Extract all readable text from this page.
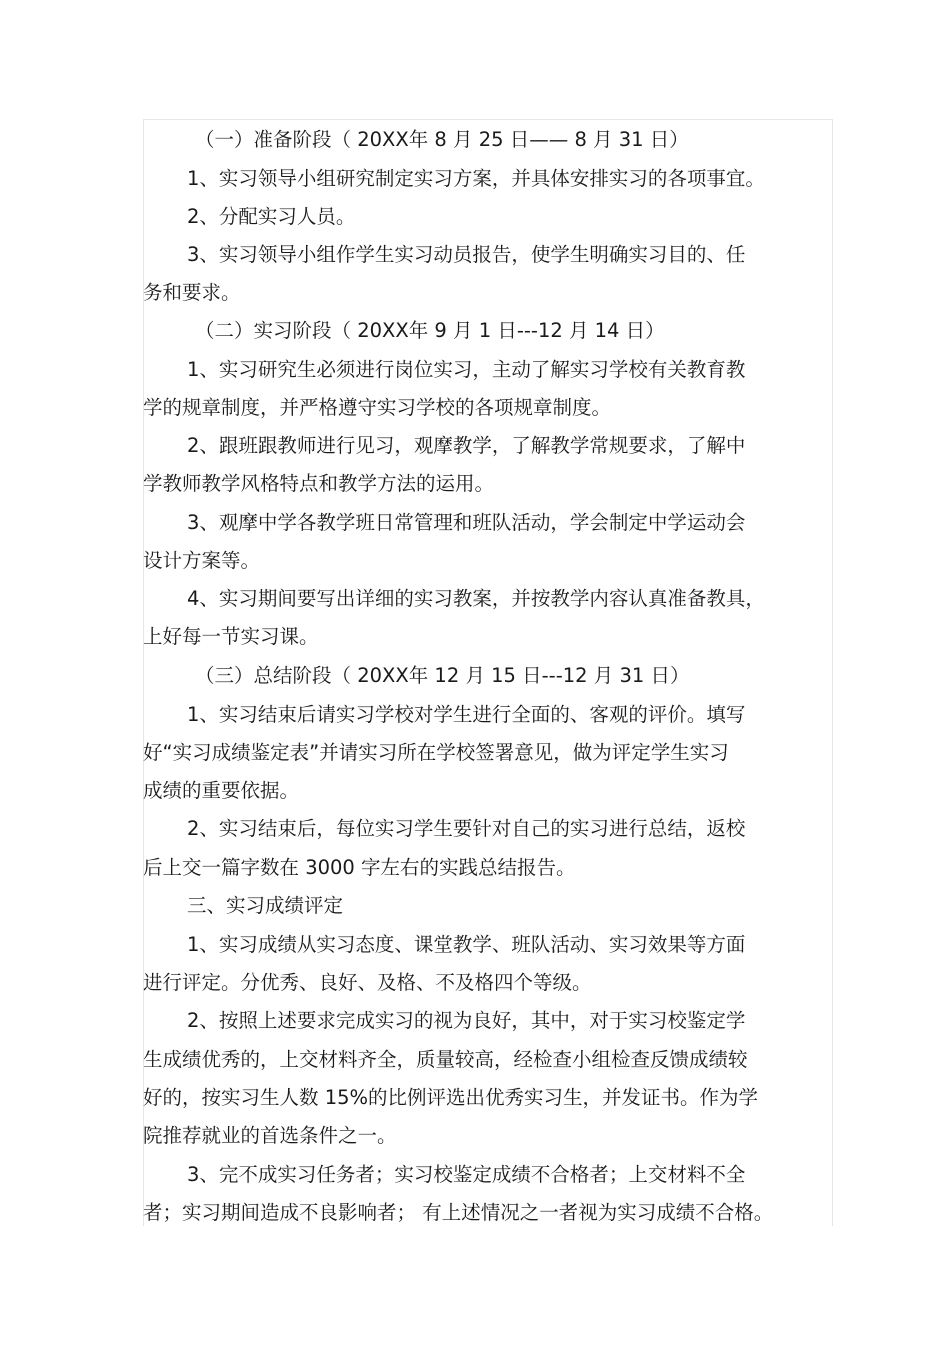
（一）准备阶段（ 20XX年 8 月 25 日—— 8 月 31 日）
1、实习领导小组研究制定实习方案，并具体安排实习的各项事宜。
2、分配实习人员。
3、实习领导小组作学生实习动员报告，使学生明确实习目的、任
务和要求。
（二）实习阶段（ 20XX年 9 月 1 日---12 月 14 日）
1、实习研究生必须进行岗位实习，主动了解实习学校有关教育教
学的规章制度，并严格遵守实习学校的各项规章制度。
2、跟班跟教师进行见习，观摩教学，了解教学常规要求，了解中
学教师教学风格特点和教学方法的运用。
3、观摩中学各教学班日常管理和班队活动，学会制定中学运动会
设计方案等。
4、实习期间要写出详细的实习教案，并按教学内容认真准备教具，
上好每一节实习课。
（三）总结阶段（ 20XX年 12 月 15 日---12 月 31 日）
1、实习结束后请实习学校对学生进行全面的、客观的评价。填写
好“实习成绩鉴定表”并请实习所在学校签署意见，做为评定学生实习
成绩的重要依据。
2、实习结束后，每位实习学生要针对自己的实习进行总结，返校
后上交一篇字数在 3000 字左右的实践总结报告。
三、实习成绩评定
1、实习成绩从实习态度、课堂教学、班队活动、实习效果等方面
进行评定。分优秀、良好、及格、不及格四个等级。
2、按照上述要求完成实习的视为良好，其中，对于实习校鉴定学
生成绩优秀的，上交材料齐全，质量较高，经检查小组检查反馈成绩较
好的，按实习生人数 15%的比例评选出优秀实习生，并发证书。作为学
院推荐就业的首选条件之一。
3、完不成实习任务者；实习校鉴定成绩不合格者；上交材料不全
者；实习期间造成不良影响者； 有上述情况之一者视为实习成绩不合格。
